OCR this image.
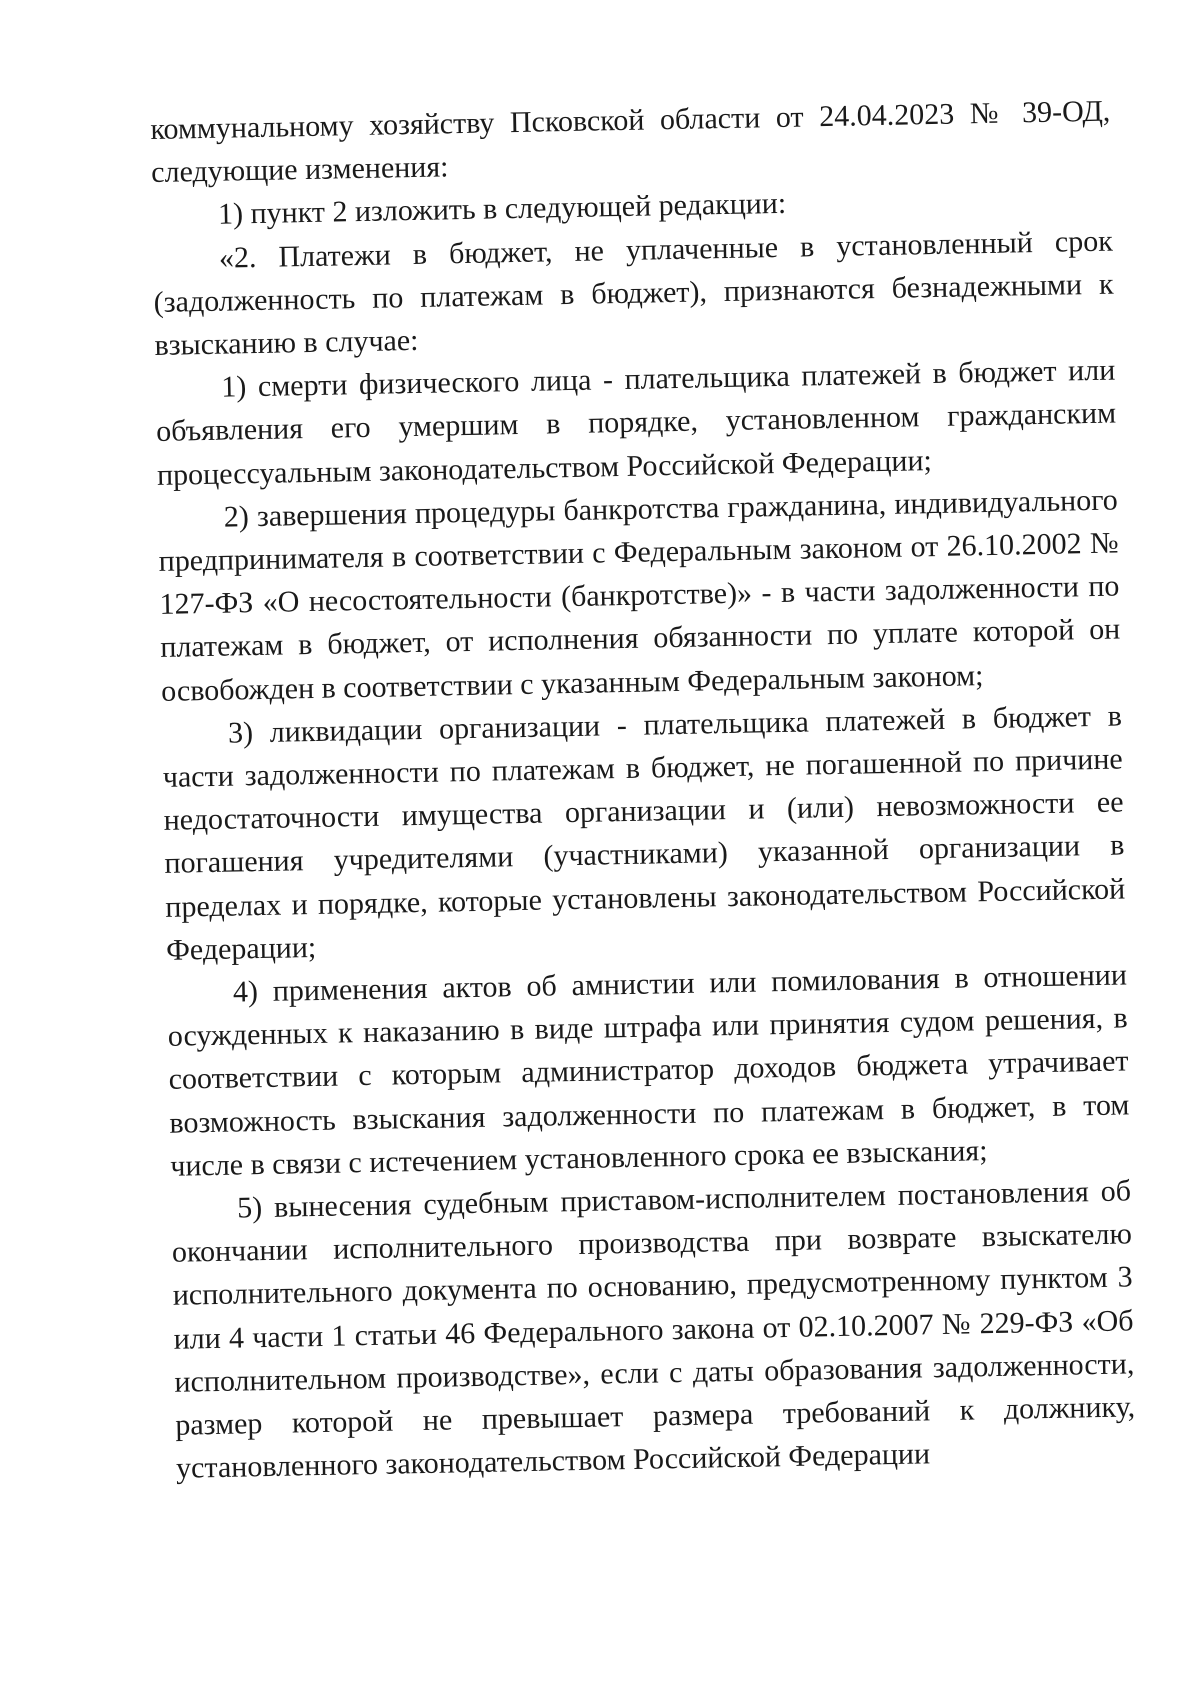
коммунальному хозяйству Псковской области от 24.04.2023 № 39-ОД, следующие изменения:

1) пункт 2 изложить в следующей редакции:

«2. Платежи в бюджет, не уплаченные в установленный срок (задолженность по платежам в бюджет), признаются безнадежными к взысканию в случае:

1) смерти физического лица - плательщика платежей в бюджет или объявления его умершим в порядке, установленном гражданским процессуальным законодательством Российской Федерации;

2) завершения процедуры банкротства гражданина, индивидуального предпринимателя в соответствии с Федеральным законом от 26.10.2002 № 127-ФЗ «О несостоятельности (банкротстве)» - в части задолженности по платежам в бюджет, от исполнения обязанности по уплате которой он освобожден в соответствии с указанным Федеральным законом;

3) ликвидации организации - плательщика платежей в бюджет в части задолженности по платежам в бюджет, не погашенной по причине недостаточности имущества организации и (или) невозможности ее погашения учредителями (участниками) указанной организации в пределах и порядке, которые установлены законодательством Российской Федерации;

4) применения актов об амнистии или помилования в отношении осужденных к наказанию в виде штрафа или принятия судом решения, в соответствии с которым администратор доходов бюджета утрачивает возможность взыскания задолженности по платежам в бюджет, в том числе в связи с истечением установленного срока ее взыскания;

5) вынесения судебным приставом-исполнителем постановления об окончании исполнительного производства при возврате взыскателю исполнительного документа по основанию, предусмотренному пунктом 3 или 4 части 1 статьи 46 Федерального закона от 02.10.2007 № 229-ФЗ «Об исполнительном производстве», если с даты образования задолженности, размер которой не превышает размера требований к должнику, установленного законодательством Российской Федерации
